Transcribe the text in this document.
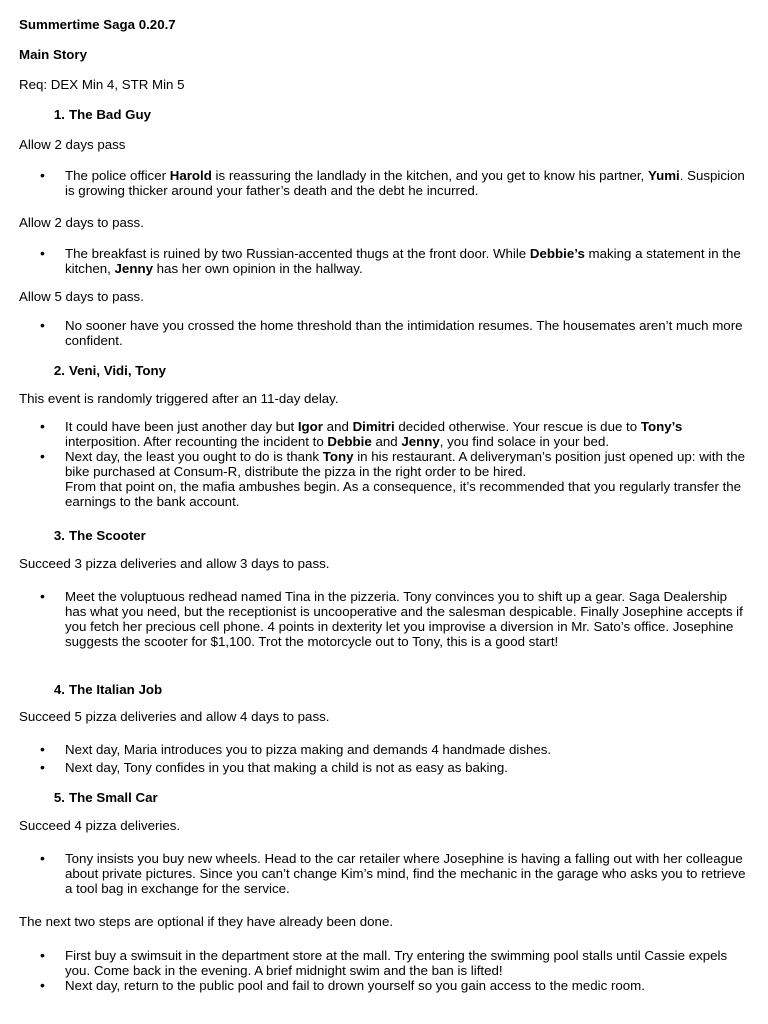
Summertime Saga 0.20.7

Main Story

Req: DEX Min 4, STR Min 5

1. The Bad Guy

Allow 2 days pass

• The police officer Harold is reassuring the landlady in the kitchen, and you get to know his partner, Yumi. Suspicion is growing thicker around your father’s death and the debt he incurred.

Allow 2 days to pass.

• The breakfast is ruined by two Russian-accented thugs at the front door. While Debbie’s making a statement in the kitchen, Jenny has her own opinion in the hallway.

Allow 5 days to pass.

• No sooner have you crossed the home threshold than the intimidation resumes. The housemates aren’t much more confident.

2. Veni, Vidi, Tony

This event is randomly triggered after an 11-day delay.

• It could have been just another day but Igor and Dimitri decided otherwise. Your rescue is due to Tony’s interposition. After recounting the incident to Debbie and Jenny, you find solace in your bed.
• Next day, the least you ought to do is thank Tony in his restaurant. A deliveryman’s position just opened up: with the bike purchased at Consum-R, distribute the pizza in the right order to be hired.
From that point on, the mafia ambushes begin. As a consequence, it’s recommended that you regularly transfer the earnings to the bank account.

3. The Scooter

Succeed 3 pizza deliveries and allow 3 days to pass.

• Meet the voluptuous redhead named Tina in the pizzeria. Tony convinces you to shift up a gear. Saga Dealership has what you need, but the receptionist is uncooperative and the salesman despicable. Finally Josephine accepts if you fetch her precious cell phone. 4 points in dexterity let you improvise a diversion in Mr. Sato’s office. Josephine suggests the scooter for $1,100. Trot the motorcycle out to Tony, this is a good start!

4. The Italian Job

Succeed 5 pizza deliveries and allow 4 days to pass.

• Next day, Maria introduces you to pizza making and demands 4 handmade dishes.
• Next day, Tony confides in you that making a child is not as easy as baking.

5. The Small Car

Succeed 4 pizza deliveries.

• Tony insists you buy new wheels. Head to the car retailer where Josephine is having a falling out with her colleague about private pictures. Since you can’t change Kim’s mind, find the mechanic in the garage who asks you to retrieve a tool bag in exchange for the service.

The next two steps are optional if they have already been done.

• First buy a swimsuit in the department store at the mall. Try entering the swimming pool stalls until Cassie expels you. Come back in the evening. A brief midnight swim and the ban is lifted!
• Next day, return to the public pool and fail to drown yourself so you gain access to the medic room.
